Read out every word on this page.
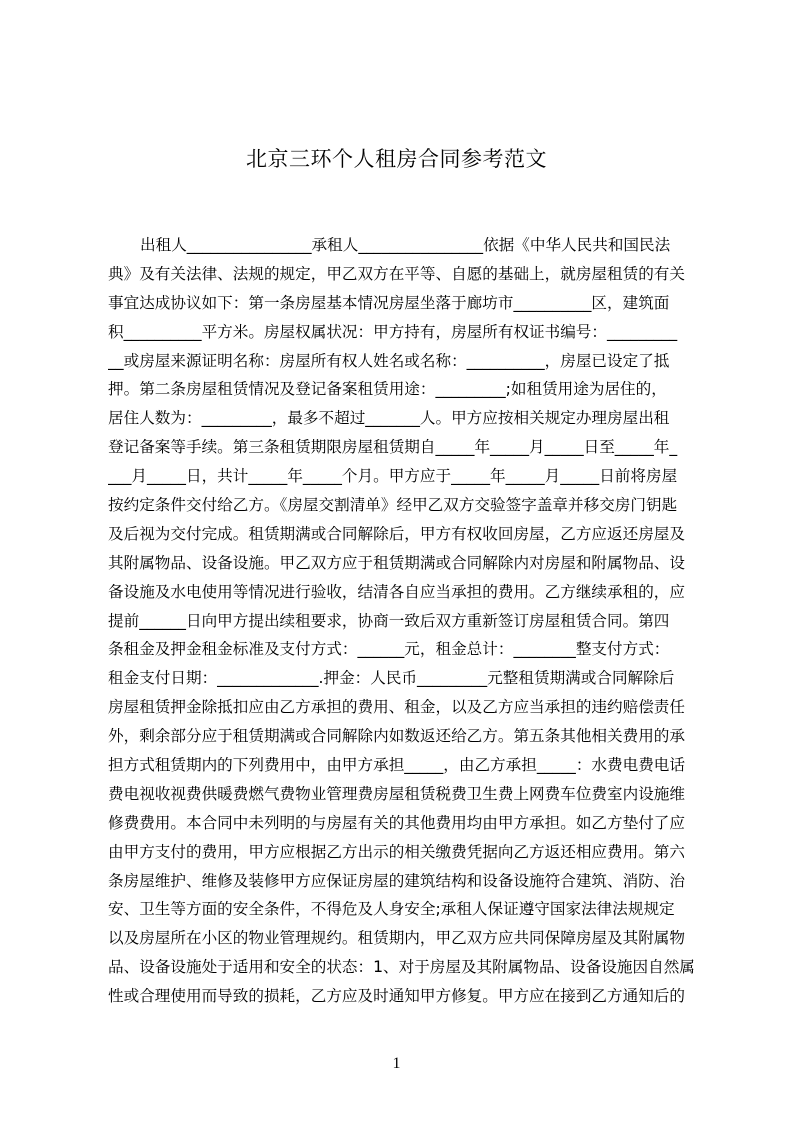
北京三环个人租房合同参考范文
出租人________________承租人________________依据《中华人民共和国民法
典》及有关法律、法规的规定，甲乙双方在平等、自愿的基础上，就房屋租赁的有关
事宜达成协议如下：第一条房屋基本情况房屋坐落于廊坊市__________区，建筑面
积__________平方米。房屋权属状况：甲方持有，房屋所有权证书编号：_________
__或房屋来源证明名称：房屋所有权人姓名或名称：__________，房屋已设定了抵
押。第二条房屋租赁情况及登记备案租赁用途：_________;如租赁用途为居住的，
居住人数为：_________，最多不超过_______人。甲方应按相关规定办理房屋出租
登记备案等手续。第三条租赁期限房屋租赁期自_____年_____月_____日至_____年_
___月_____日，共计_____年_____个月。甲方应于_____年_____月_____日前将房屋
按约定条件交付给乙方。《房屋交割清单》经甲乙双方交验签字盖章并移交房门钥匙
及后视为交付完成。租赁期满或合同解除后，甲方有权收回房屋，乙方应返还房屋及
其附属物品、设备设施。甲乙双方应于租赁期满或合同解除内对房屋和附属物品、设
备设施及水电使用等情况进行验收，结清各自应当承担的费用。乙方继续承租的，应
提前______日向甲方提出续租要求，协商一致后双方重新签订房屋租赁合同。第四
条租金及押金租金标准及支付方式：______元，租金总计：________整支付方式：
租金支付日期：_____________.押金：人民币_________元整租赁期满或合同解除后
房屋租赁押金除抵扣应由乙方承担的费用、租金，以及乙方应当承担的违约赔偿责任
外，剩余部分应于租赁期满或合同解除内如数返还给乙方。第五条其他相关费用的承
担方式租赁期内的下列费用中，由甲方承担_____，由乙方承担_____：水费电费电话
费电视收视费供暖费燃气费物业管理费房屋租赁税费卫生费上网费车位费室内设施维
修费费用。本合同中未列明的与房屋有关的其他费用均由甲方承担。如乙方垫付了应
由甲方支付的费用，甲方应根据乙方出示的相关缴费凭据向乙方返还相应费用。第六
条房屋维护、维修及装修甲方应保证房屋的建筑结构和设备设施符合建筑、消防、治
安、卫生等方面的安全条件，不得危及人身安全;承租人保证遵守国家法律法规规定
以及房屋所在小区的物业管理规约。租赁期内，甲乙双方应共同保障房屋及其附属物
品、设备设施处于适用和安全的状态：1、对于房屋及其附属物品、设备设施因自然属
性或合理使用而导致的损耗，乙方应及时通知甲方修复。甲方应在接到乙方通知后的
1
